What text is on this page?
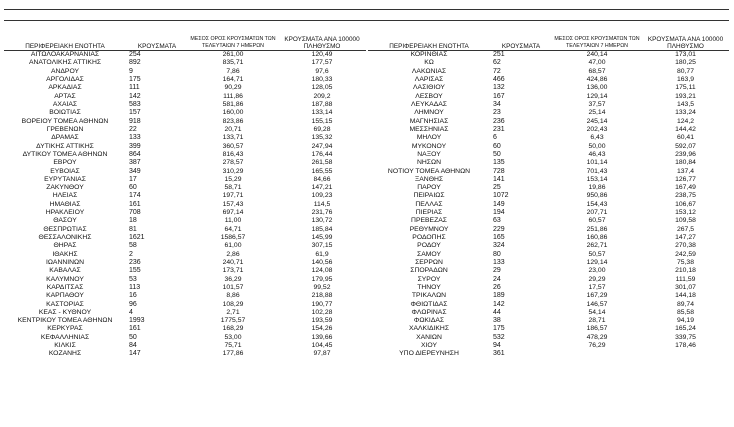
ΠΕΡΙΦΕΡΕΙΑΚΗ ΕΝΟΤΗΤΑ	ΚΡΟΥΣΜΑΤΑ	ΜΕΣΟΣ ΟΡΟΣ ΚΡΟΥΣΜΑΤΩΝ ΤΩΝ ΤΕΛΕΥΤΑΙΩΝ 7 ΗΜΕΡΩΝ	ΚΡΟΥΣΜΑΤΑ ΑΝΑ 100000 ΠΛΗΘΥΣΜΟ
ΑΙΤΩΛΟΑΚΑΡΝΑΝΙΑΣ	254	261,00	120,49
ΑΝΑΤΟΛΙΚΗΣ ΑΤΤΙΚΗΣ	892	835,71	177,57
ΑΝΔΡΟΥ	9	7,86	97,6
ΑΡΓΟΛΙΔΑΣ	175	164,71	180,33
ΑΡΚΑΔΙΑΣ	111	90,29	128,05
ΑΡΤΑΣ	142	111,86	209,2
ΑΧΑΪΑΣ	583	581,86	187,88
ΒΟΙΩΤΙΑΣ	157	160,00	133,14
ΒΟΡΕΙΟΥ ΤΟΜΕΑ ΑΘΗΝΩΝ	918	823,86	155,15
ΓΡΕΒΕΝΩΝ	22	20,71	69,28
ΔΡΑΜΑΣ	133	133,71	135,32
ΔΥΤΙΚΗΣ ΑΤΤΙΚΗΣ	399	360,57	247,94
ΔΥΤΙΚΟΥ ΤΟΜΕΑ ΑΘΗΝΩΝ	864	816,43	176,44
ΕΒΡΟΥ	387	278,57	261,58
ΕΥΒΟΙΑΣ	349	310,29	165,55
ΕΥΡΥΤΑΝΙΑΣ	17	15,29	84,66
ΖΑΚΥΝΘΟΥ	60	58,71	147,21
ΗΛΕΙΑΣ	174	197,71	109,23
ΗΜΑΘΙΑΣ	161	157,43	114,5
ΗΡΑΚΛΕΙΟΥ	708	697,14	231,76
ΘΑΣΟΥ	18	11,00	130,72
ΘΕΣΠΡΩΤΙΑΣ	81	64,71	185,84
ΘΕΣΣΑΛΟΝΙΚΗΣ	1621	1586,57	145,99
ΘΗΡΑΣ	58	61,00	307,15
ΙΘΑΚΗΣ	2	2,86	61,9
ΙΩΑΝΝΙΝΩΝ	236	240,71	140,56
ΚΑΒΑΛΑΣ	155	173,71	124,08
ΚΑΛΥΜΝΟΥ	53	36,29	179,95
ΚΑΡΔΙΤΣΑΣ	113	101,57	99,52
ΚΑΡΠΑΘΟΥ	16	8,86	218,88
ΚΑΣΤΟΡΙΑΣ	96	108,29	190,77
ΚΕΑΣ - ΚΥΘΝΟΥ	4	2,71	102,28
ΚΕΝΤΡΙΚΟΥ ΤΟΜΕΑ ΑΘΗΝΩΝ	1993	1775,57	193,59
ΚΕΡΚΥΡΑΣ	161	168,29	154,26
ΚΕΦΑΛΛΗΝΙΑΣ	50	53,00	139,66
ΚΙΛΚΙΣ	84	75,71	104,45
ΚΟΖΑΝΗΣ	147	177,86	97,87
ΠΕΡΙΦΕΡΕΙΑΚΗ ΕΝΟΤΗΤΑ	ΚΡΟΥΣΜΑΤΑ	ΜΕΣΟΣ ΟΡΟΣ ΚΡΟΥΣΜΑΤΩΝ ΤΩΝ ΤΕΛΕΥΤΑΙΩΝ 7 ΗΜΕΡΩΝ	ΚΡΟΥΣΜΑΤΑ ΑΝΑ 100000 ΠΛΗΘΥΣΜΟ
ΚΟΡΙΝΘΙΑΣ	251	240,14	173,01
ΚΩ	62	47,00	180,25
ΛΑΚΩΝΙΑΣ	72	68,57	80,77
ΛΑΡΙΣΑΣ	466	424,86	163,9
ΛΑΣΙΘΙΟΥ	132	136,00	175,11
ΛΕΣΒΟΥ	167	129,14	193,21
ΛΕΥΚΑΔΑΣ	34	37,57	143,5
ΛΗΜΝΟΥ	23	25,14	133,24
ΜΑΓΝΗΣΙΑΣ	236	245,14	124,2
ΜΕΣΣΗΝΙΑΣ	231	202,43	144,42
ΜΗΛΟΥ	6	6,43	60,41
ΜΥΚΟΝΟΥ	60	50,00	592,07
ΝΑΞΟΥ	50	46,43	239,96
ΝΗΣΩΝ	135	101,14	180,84
ΝΟΤΙΟΥ ΤΟΜΕΑ ΑΘΗΝΩΝ	728	701,43	137,4
ΞΑΝΘΗΣ	141	153,14	126,77
ΠΑΡΟΥ	25	19,86	167,49
ΠΕΙΡΑΙΩΣ	1072	950,86	238,75
ΠΕΛΛΑΣ	149	154,43	106,67
ΠΙΕΡΙΑΣ	194	207,71	153,12
ΠΡΕΒΕΖΑΣ	63	60,57	109,58
ΡΕΘΥΜΝΟΥ	229	251,86	267,5
ΡΟΔΟΠΗΣ	165	160,86	147,27
ΡΟΔΟΥ	324	262,71	270,38
ΣΑΜΟΥ	80	50,57	242,59
ΣΕΡΡΩΝ	133	129,14	75,38
ΣΠΟΡΑΔΩΝ	29	23,00	210,18
ΣΥΡΟΥ	24	29,29	111,59
ΤΗΝΟΥ	26	17,57	301,07
ΤΡΙΚΑΛΩΝ	189	167,29	144,18
ΦΘΙΩΤΙΔΑΣ	142	146,57	89,74
ΦΛΩΡΙΝΑΣ	44	54,14	85,58
ΦΩΚΙΔΑΣ	38	28,71	94,19
ΧΑΛΚΙΔΙΚΗΣ	175	186,57	165,24
ΧΑΝΙΩΝ	532	478,29	339,75
ΧΙΟΥ	94	76,29	178,46
ΥΠΟ ΔΙΕΡΕΥΝΗΣΗ	361		
